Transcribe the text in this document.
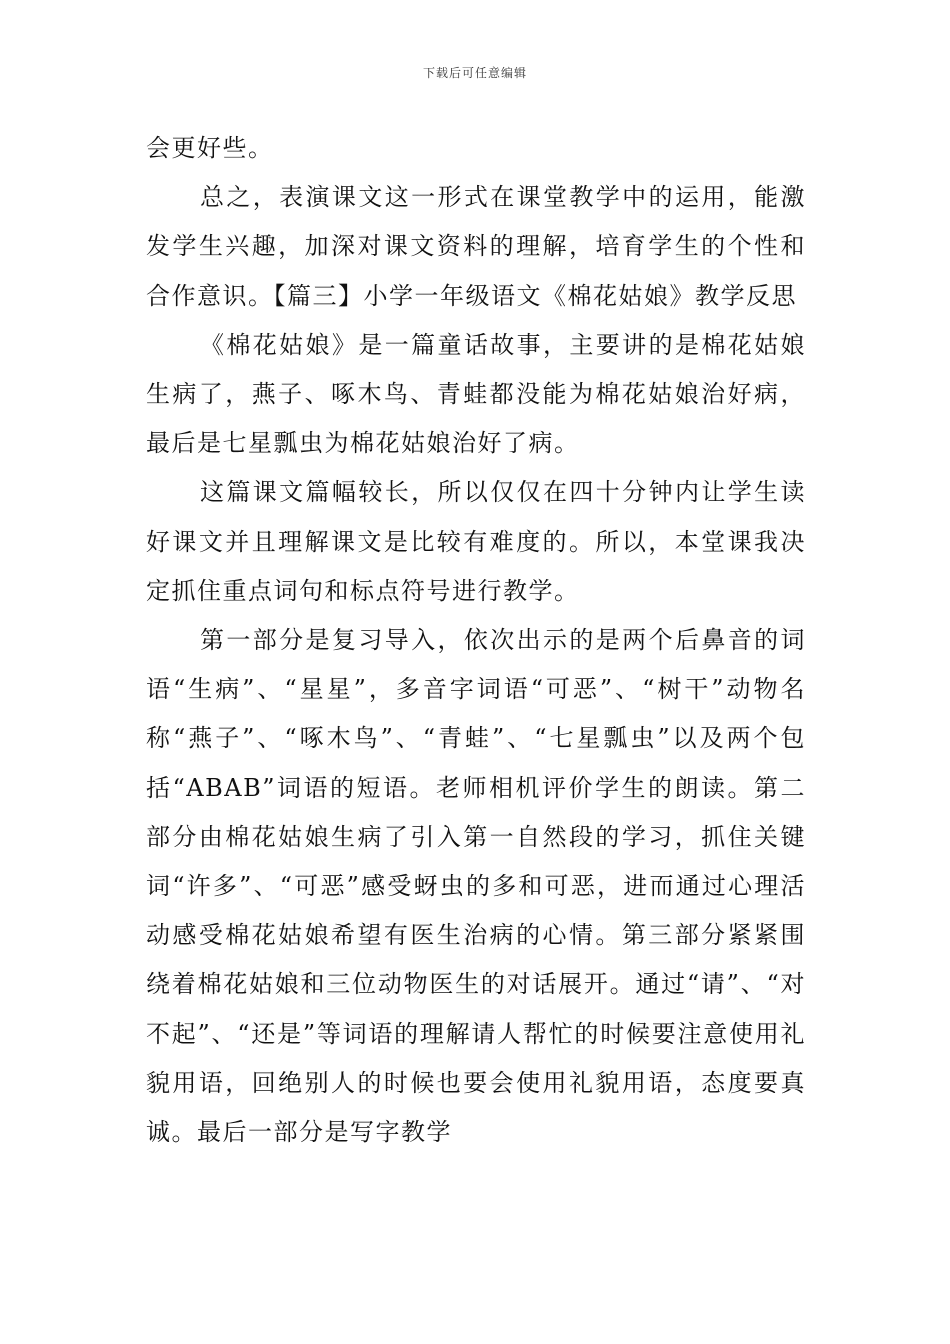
下载后可任意编辑

会更好些。

总之，表演课文这一形式在课堂教学中的运用，能激发学生兴趣，加深对课文资料的理解，培育学生的个性和合作意识。【篇三】小学一年级语文《棉花姑娘》教学反思

《棉花姑娘》是一篇童话故事，主要讲的是棉花姑娘生病了，燕子、啄木鸟、青蛙都没能为棉花姑娘治好病，最后是七星瓢虫为棉花姑娘治好了病。

这篇课文篇幅较长，所以仅仅在四十分钟内让学生读好课文并且理解课文是比较有难度的。所以，本堂课我决定抓住重点词句和标点符号进行教学。

第一部分是复习导入，依次出示的是两个后鼻音的词语“生病”、“星星”，多音字词语“可恶”、“树干”动物名称“燕子”、“啄木鸟”、“青蛙”、“七星瓢虫”以及两个包括“ABAB”词语的短语。老师相机评价学生的朗读。第二部分由棉花姑娘生病了引入第一自然段的学习，抓住关键词“许多”、“可恶”感受蚜虫的多和可恶，进而通过心理活动感受棉花姑娘希望有医生治病的心情。第三部分紧紧围绕着棉花姑娘和三位动物医生的对话展开。通过“请”、“对不起”、“还是”等词语的理解请人帮忙的时候要注意使用礼貌用语，回绝别人的时候也要会使用礼貌用语，态度要真诚。最后一部分是写字教学
